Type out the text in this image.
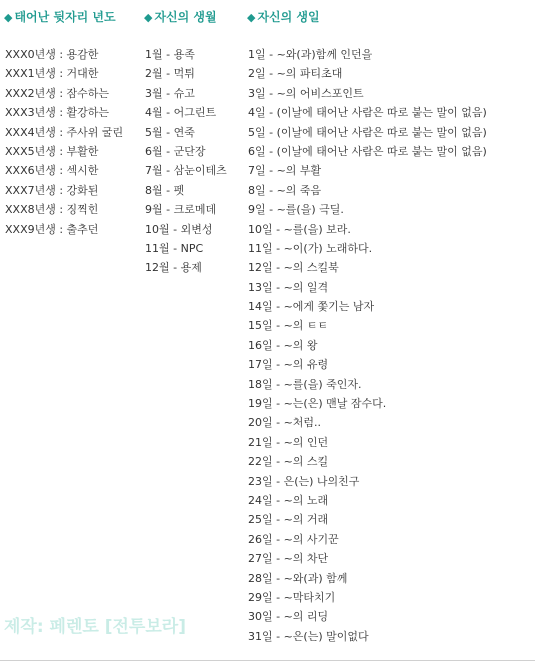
◆ 태어난 뒷자리 년도	◆ 자신의 생월	◆ 자신의 생일
XXX0년생 : 용감한
XXX1년생 : 거대한
XXX2년생 : 잠수하는
XXX3년생 : 활강하는
XXX4년생 : 주사위 굴린
XXX5년생 : 부활한
XXX6년생 : 섹시한
XXX7년생 : 강화된
XXX8년생 : 징찍힌
XXX9년생 : 출추던
1월 - 용족
2월 - 먹튀
3월 - 슈고
4월 - 어그린트
5월 - 연죽
6월 - 군단장
7월 - 삼눈이테츠
8월 - 펫
9월 - 크로메데
10월 - 외변성
11월 - NPC
12월 - 용제
1일 - ~와(과)함께 인던을
2일 - ~의 파티초대
3일 - ~의 어비스포인트
4일 - (이날에 태어난 사람은 따로 붙는 말이 없음)
5일 - (이날에 태어난 사람은 따로 붙는 말이 없음)
6일 - (이날에 태어난 사람은 따로 붙는 말이 없음)
7일 - ~의 부활
8일 - ~의 죽음
9일 - ~를(을) 극딜.
10일 - ~를(을) 보라.
11일 - ~이(가) 노래하다.
12일 - ~의 스킬북
13일 - ~의 일격
14일 - ~에게 쫓기는 남자
15일 - ~의 ㅌㅌ
16일 - ~의 왕
17일 - ~의 유령
18일 - ~를(을) 죽인자.
19일 - ~는(은) 맨날 잠수다.
20일 - ~처럼..
21일 - ~의 인던
22일 - ~의 스킬
23일 - 은(는) 나의친구
24일 - ~의 노래
25일 - ~의 거래
26일 - ~의 사기꾼
27일 - ~의 차단
28일 - ~와(과) 함께
29일 - ~막타치기
30일 - ~의 리딩
31일 - ~은(는) 말이없다
제작: 페렌토 [전투보라]
